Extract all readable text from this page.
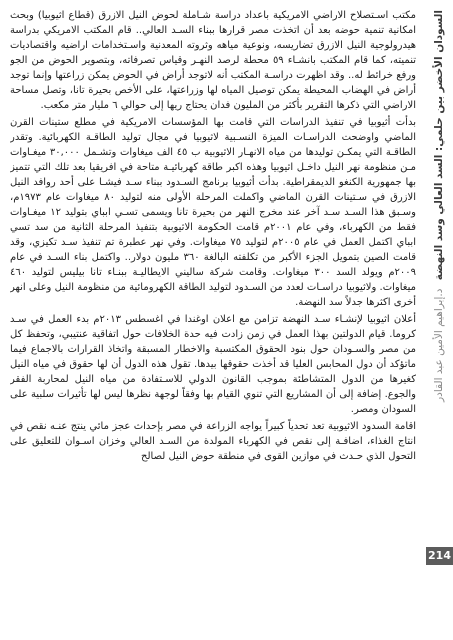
مكتب اسـتصلاح الاراضي الامريكية باعداد دراسة شـاملة لحوض النيل الازرق (قطاع اثيوبيا) وبحث امكانية تنمية حوضه بعد أن اتخذت مصر قرارها ببناء السـد العالي.. قام المكتب الامريكي بدراسة هيدرولوجية النيل الازرق تضاريسه، ونوعية مياهه وثروته المعدنية واسـتخدامات اراضيه واقتصاديات تنميته، كما قام المكتب بانشـاء ٥٩ محطة لرصد النهـر وقياس تصرفاته، وبتصوير الحوض من الجو ورفع خرائط له.. وقد اظهرت دراسـة المكتب أنه لاتوجد أراض في الحوض يمكن زراعتها وإنما توجد أراض في الهضاب المحيطة يمكن توصيل المياه لها وزراعتها، على الأخص بحيرة تانا، وتصل مساحة الاراضي التي ذكرها التقرير بأكثر من المليون فدان يحتاج ريها إلى حوالي ٦ مليار متر مكعب.

بدأت أثيوبيا في تنفيذ الدراسات التي قامت بها المؤسسات الامريكية في مطلع ستينات القرن الماضي واوضحت الدراسـات الميزة النسـبية لاثيوبيا في مجال توليد الطاقـة الكهربائية. وتقدر الطاقـة التي يمكـن توليدها من مياه الانهـار الاثيوبية ب ٤٥ الف ميغاوات وتشـمل ٣٠,٠٠٠ ميغـاوات مـن منظومة نهر النيل داخـل اثيوبيا وهذه اكبر طاقة كهربائيـة متاحة في افريقيا بعد تلك التي تتميز بها جمهورية الكنغو الديمقراطية. بدأت أثيوبيا برنامج السـدود ببناء سـد فيشـا على أحد روافد النيل الازرق في سـتينات القرن الماضي واكملت المرحلة الأولى منه لتوليد ٨٠ ميغاوات عام ١٩٧٣م، وسـبق هذا السـد سـد آخر عند مخرج النهر من بحيرة تانا ويسمى تسـي ابباي بتوليد ١٢ ميغـاوات فقط من الكهرباء، وفي عام ٢٠٠١م قامت الحكومة الاثيوبية بتنفيذ المرحلة الثانية من سد تسي ابباي اكتمل العمل في عام ٢٠٠٥م لتوليد ٧٥ ميغاوات. وفي نهر عطبرة تم تنفيذ سـد تكيزي، وقد قامت الصين بتمويل الجزء الأكبر من تكلفته البالغة ٣٦٠ مليون دولار.. واكتمل بناء السـد في عام ٢٠٠٩م ويولد السد ٣٠٠ ميغاوات. وقامت شركة ساليني الايطاليـة ببنـاء تانا بيليس لتوليد ٤٦٠ ميغاوات. ولاثيوبيا دراسـات لعدد من السـدود لتوليد الطاقة الكهرومائية من منظومة النيل وعلى انهر أخرى اكثرها جدلاً سد النهضة.

أعلان اثيوبيا لإنشـاء سـد النهضة تزامن مع اعلان اوغندا في اغسطس ٢٠١٣م بدء العمل في سـد كروما. قيام الدولتين بهذا العمل في زمن زادت فيه حدة الخلافات حول اتفاقية عنتيبي، وتحفظ كل من مصر والسـودان حول بنود الحقوق المكتسبة والاخطار المسبقة واتخاذ القرارات بالاجماع فيما ماتؤكد أن دول المحابس العليا قد أخذت حقوقها بيدها. تقول هذه الدول أن لها حقوق في مياه النيل كغيرها من الدول المتشاطئة بموجب القانون الدولي للاسـتفادة من مياه النيل لمحاربة الفقر والجوع. إضافة إلى أن المشاريع التي تنوي القيام بها وفقاً لوجهة نظرها ليس لها تأثيرات سلبية على السودان ومصر.

اقامة السدود الاثيوبية تعد تحدياً كبيراً يواجه الزراعة في مصر بإحداث عجز مائي ينتج عنـه نقص في انتاج الغذاء، اضافـة إلى نقص في الكهرباء المولدة من السـد العالي وخزان اسـوان للتعليق على التحول الذي حـدث في موازين القوى في منطقة حوض النيل لصالح

السودان الأخضر بين حلمي: السد العالي وسد النهضة د.إبراهيم الأمين عبد القادر
214
